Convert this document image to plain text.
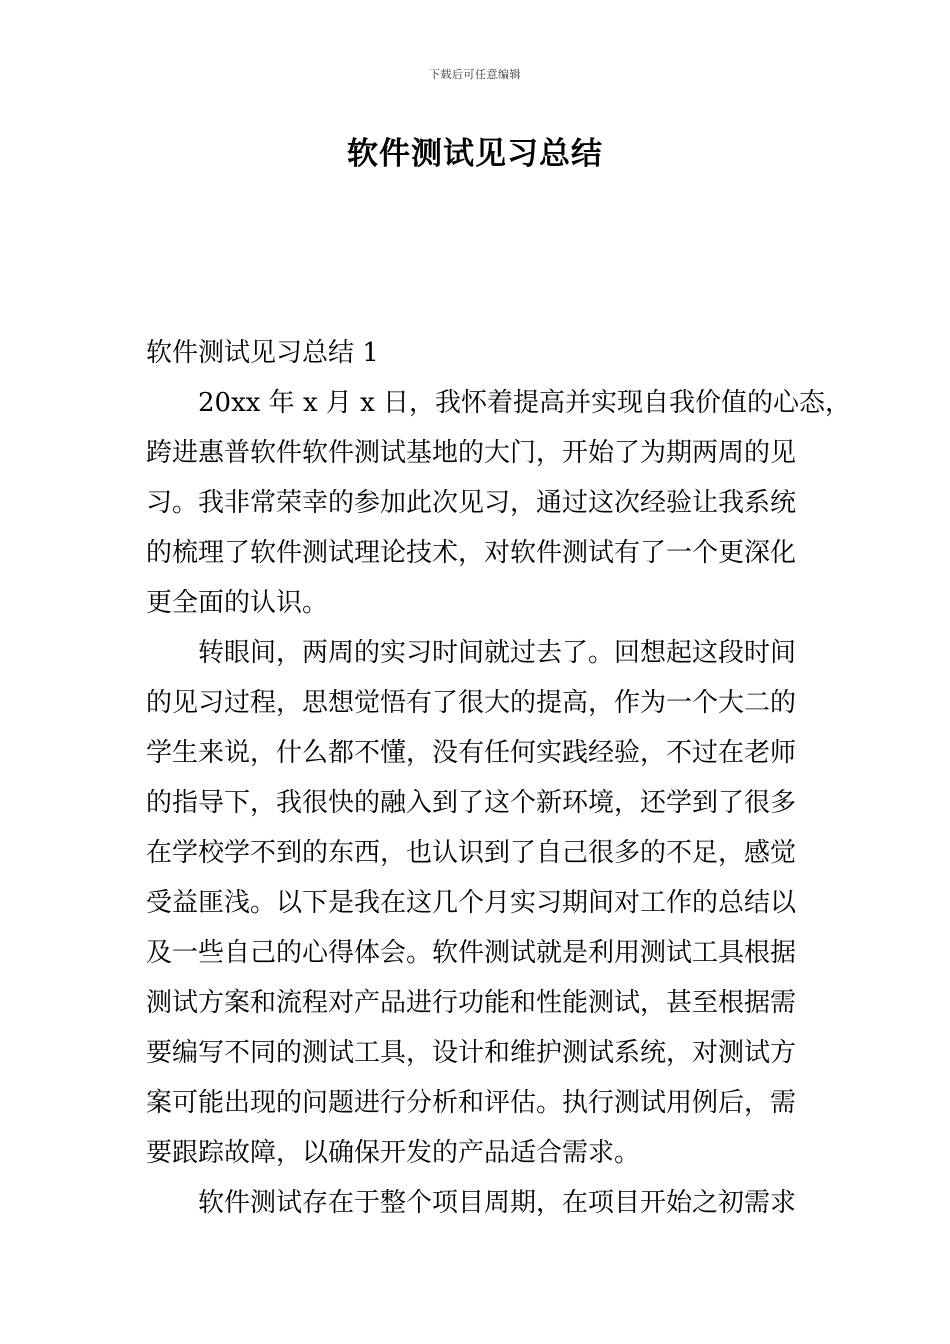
下载后可任意编辑
软件测试见习总结

软件测试见习总结 1

20xx 年 x 月 x 日，我怀着提高并实现自我价值的心态，

跨进惠普软件软件测试基地的大门，开始了为期两周的见

习。我非常荣幸的参加此次见习，通过这次经验让我系统

的梳理了软件测试理论技术，对软件测试有了一个更深化

更全面的认识。

转眼间，两周的实习时间就过去了。回想起这段时间

的见习过程，思想觉悟有了很大的提高，作为一个大二的

学生来说，什么都不懂，没有任何实践经验，不过在老师

的指导下，我很快的融入到了这个新环境，还学到了很多

在学校学不到的东西，也认识到了自己很多的不足，感觉

受益匪浅。以下是我在这几个月实习期间对工作的总结以

及一些自己的心得体会。软件测试就是利用测试工具根据

测试方案和流程对产品进行功能和性能测试，甚至根据需

要编写不同的测试工具，设计和维护测试系统，对测试方

案可能出现的问题进行分析和评估。执行测试用例后，需

要跟踪故障，以确保开发的产品适合需求。

软件测试存在于整个项目周期，在项目开始之初需求
